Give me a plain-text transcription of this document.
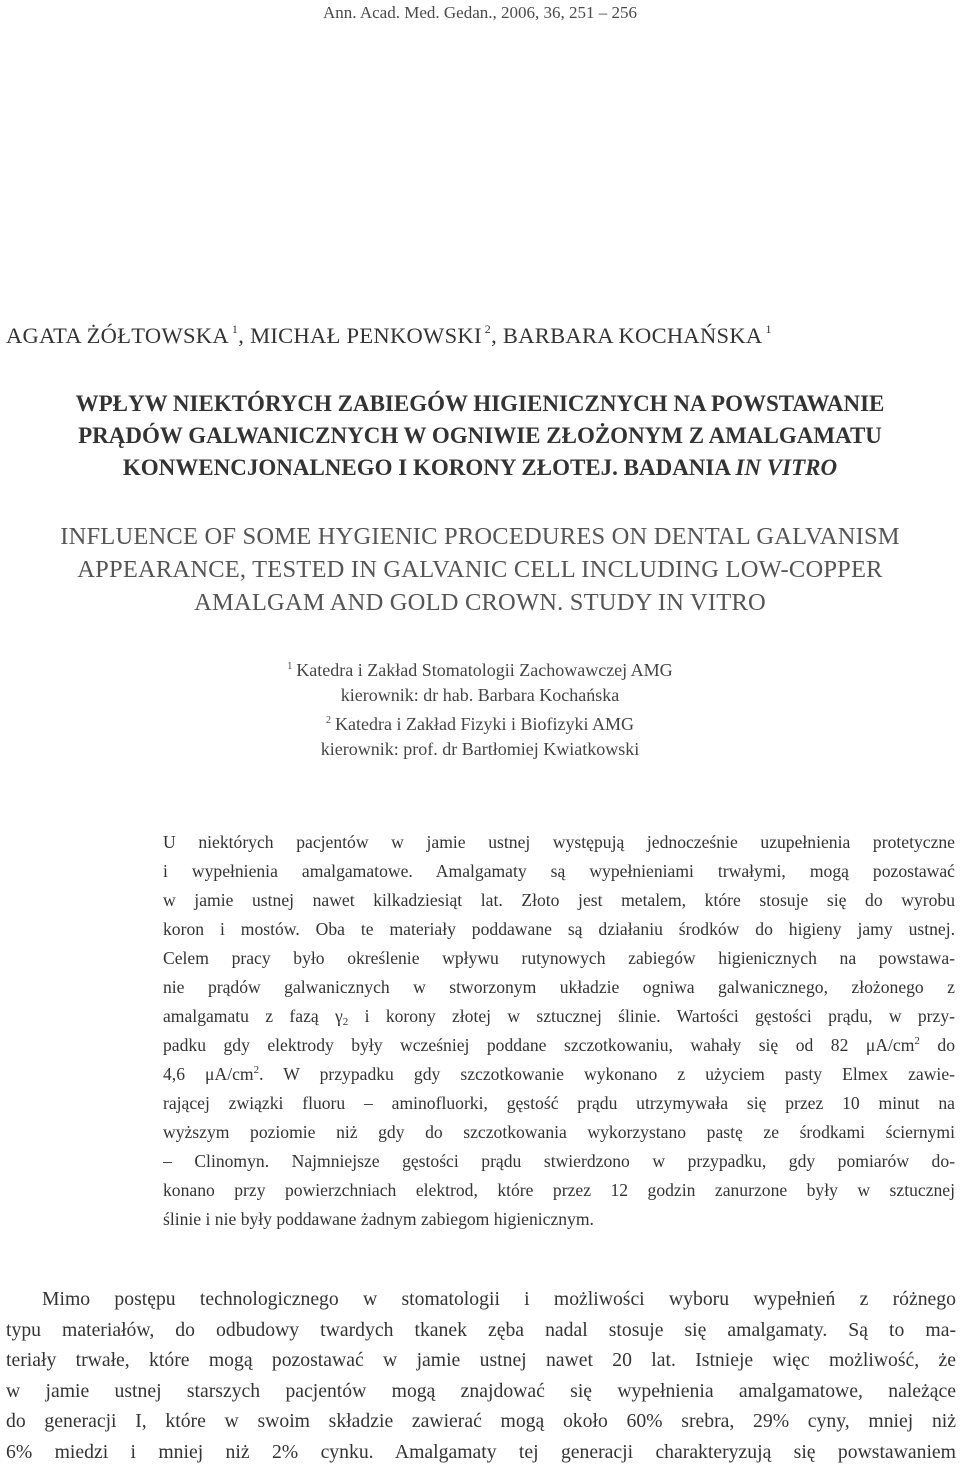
Ann. Acad. Med. Gedan., 2006, 36, 251 – 256
AGATA ŻÓŁTOWSKA $^1$, MICHAŁ PENKOWSKI $^2$, BARBARA KOCHAŃSKA $^1$
WPŁYW NIEKTÓRYCH ZABIEGÓW HIGIENICZNYCH NA POWSTAWANIE
PRĄDÓW GALWANICZNYCH W OGNIWIE ZŁOŻONYM Z AMALGAMATU
KONWENCJONALNEGO I KORONY ZŁOTEJ. BADANIA IN VITRO
INFLUENCE OF SOME HYGIENIC PROCEDURES ON DENTAL GALVANISM
APPEARANCE, TESTED IN GALVANIC CELL INCLUDING LOW-COPPER
AMALGAM AND GOLD CROWN. STUDY IN VITRO
$^1$ Katedra i Zakład Stomatologii Zachowawczej AMG
kierownik: dr hab. Barbara Kochańska
$^2$ Katedra i Zakład Fizyki i Biofizyki AMG
kierownik: prof. dr Bartłomiej Kwiatkowski
U niektórych pacjentów w jamie ustnej występują jednocześnie uzupełnienia protetyczne
i wypełnienia amalgamatowe. Amalgamaty są wypełnieniami trwałymi, mogą pozostawać
w jamie ustnej nawet kilkadziesiąt lat. Złoto jest metalem, które stosuje się do wyrobu
koron i mostów. Oba te materiały poddawane są działaniu środków do higieny jamy ustnej.
Celem pracy było określenie wpływu rutynowych zabiegów higienicznych na powstawa-
nie prądów galwanicznych w stworzonym układzie ogniwa galwanicznego, złożonego z
amalgamatu z fazą $\gamma_2$ i korony złotej w sztucznej ślinie. Wartości gęstości prądu, w przy-
padku gdy elektrody były wcześniej poddane szczotkowaniu, wahały się od 82 $\mu A/cm^2$ do
4,6 $\mu A/cm^2$. W przypadku gdy szczotkowanie wykonano z użyciem pasty Elmex zawie-
rającej związki fluoru – aminofluorki, gęstość prądu utrzymywała się przez 10 minut na
wyższym poziomie niż gdy do szczotkowania wykorzystano pastę ze środkami ściernymi
– Clinomyn. Najmniejsze gęstości prądu stwierdzono w przypadku, gdy pomiarów do-
konano przy powierzchniach elektrod, które przez 12 godzin zanurzone były w sztucznej
ślinie i nie były poddawane żadnym zabiegom higienicznym.
Mimo postępu technologicznego w stomatologii i możliwości wyboru wypełnień z różnego
typu materiałów, do odbudowy twardych tkanek zęba nadal stosuje się amalgamaty. Są to ma-
teriały trwałe, które mogą pozostawać w jamie ustnej nawet 20 lat. Istnieje więc możliwość, że
w jamie ustnej starszych pacjentów mogą znajdować się wypełnienia amalgamatowe, należące
do generacji I, które w swoim składzie zawierać mogą około 60% srebra, 29% cyny, mniej niż
6% miedzi i mniej niż 2% cynku. Amalgamaty tej generacji charakteryzują się powstawaniem
